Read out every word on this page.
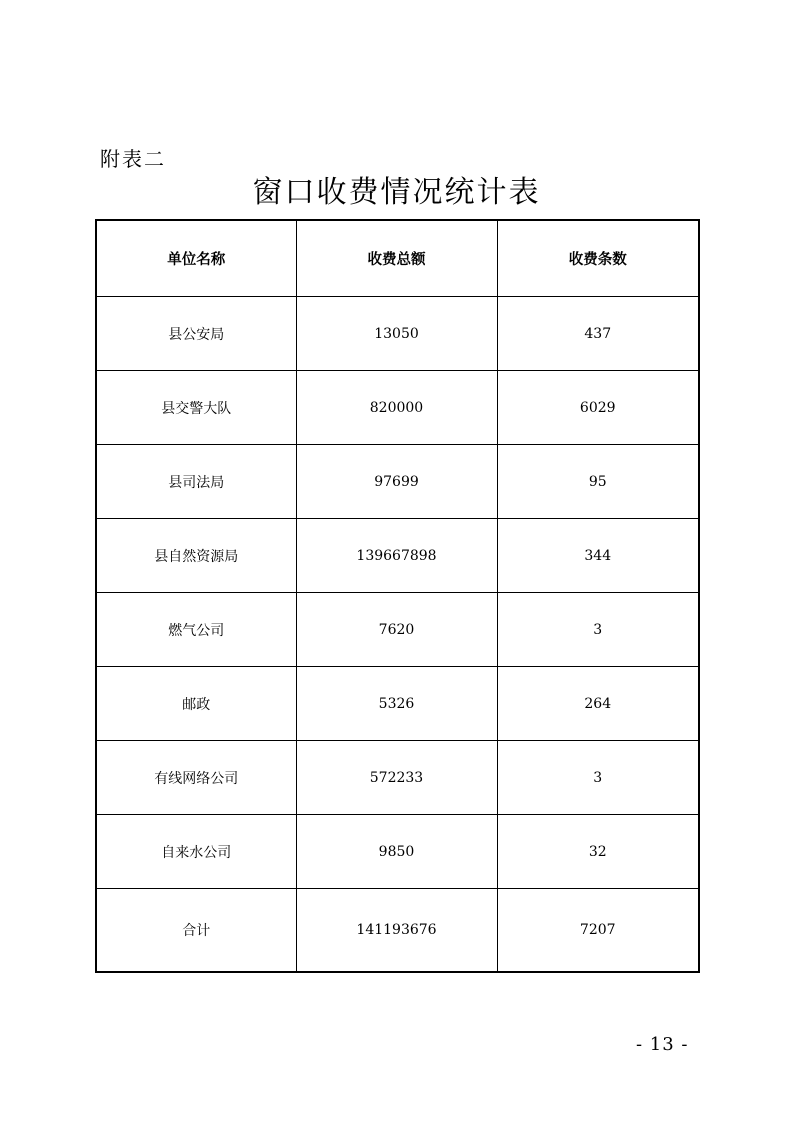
附表二
窗口收费情况统计表
单位名称	收费总额	收费条数
县公安局	13050	437
县交警大队	820000	6029
县司法局	97699	95
县自然资源局	139667898	344
燃气公司	7620	3
邮政	5326	264
有线网络公司	572233	3
自来水公司	9850	32
合计	141193676	7207
- 13 -
